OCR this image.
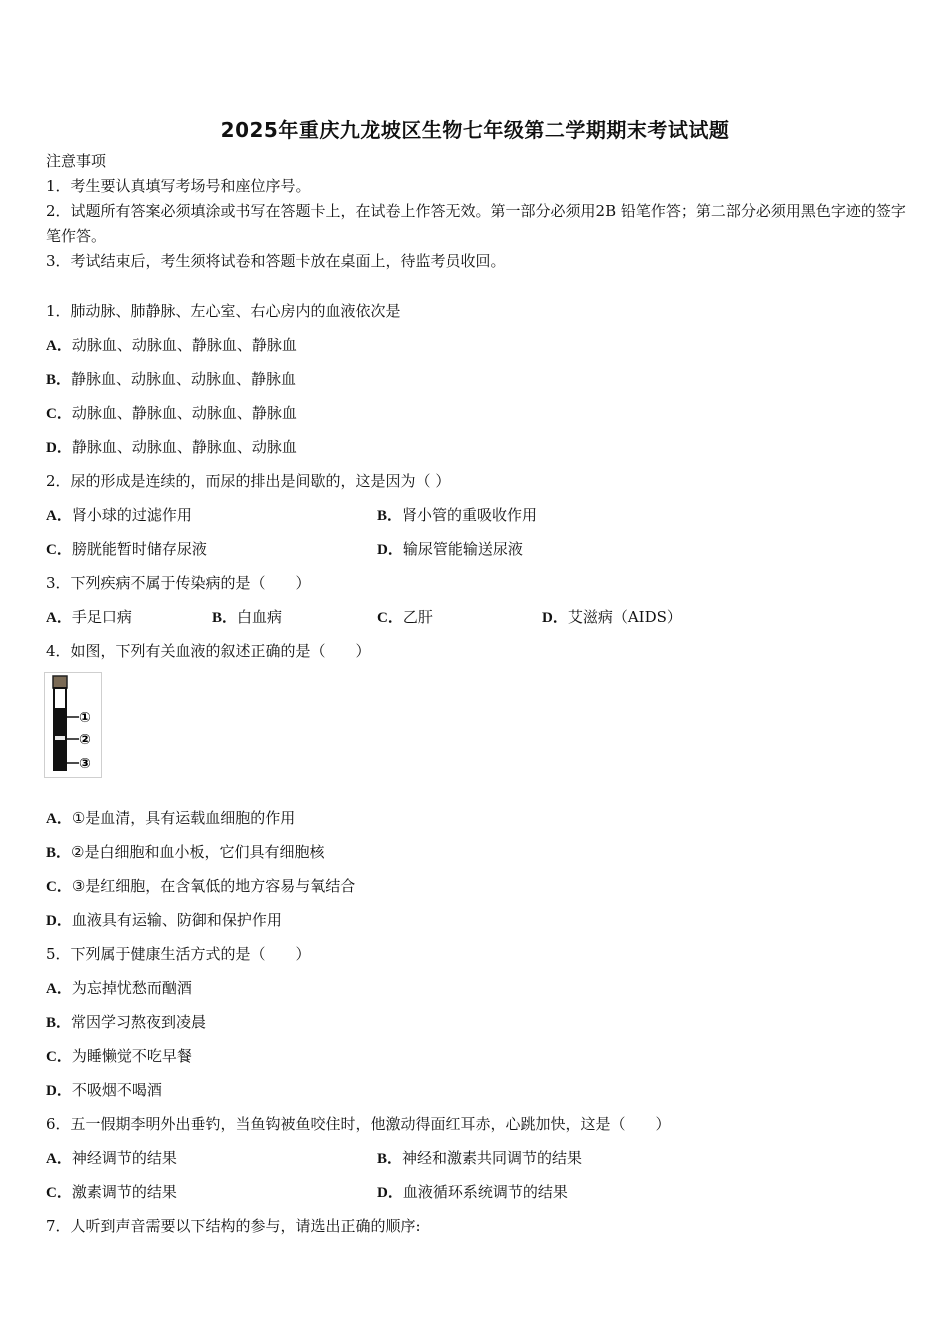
2025年重庆九龙坡区生物七年级第二学期期末考试试题
注意事项
1．考生要认真填写考场号和座位序号。
2．试题所有答案必须填涂或书写在答题卡上，在试卷上作答无效。第一部分必须用2B 铅笔作答；第二部分必须用黑色字迹的签字笔作答。
3．考试结束后，考生须将试卷和答题卡放在桌面上，待监考员收回。
1．肺动脉、肺静脉、左心室、右心房内的血液依次是
A．动脉血、动脉血、静脉血、静脉血
B．静脉血、动脉血、动脉血、静脉血
C．动脉血、静脉血、动脉血、静脉血
D．静脉血、动脉血、静脉血、动脉血
2．尿的形成是连续的，而尿的排出是间歇的，这是因为（ ）
A．肾小球的过滤作用	B．肾小管的重吸收作用
C．膀胱能暂时储存尿液	D．输尿管能输送尿液
3．下列疾病不属于传染病的是（　　）
A．手足口病	B．白血病	C．乙肝	D．艾滋病（AIDS）
4．如图，下列有关血液的叙述正确的是（　　）
①
②
③
A．①是血清，具有运载血细胞的作用
B．②是白细胞和血小板，它们具有细胞核
C．③是红细胞，在含氧低的地方容易与氧结合
D．血液具有运输、防御和保护作用
5．下列属于健康生活方式的是（　　）
A．为忘掉忧愁而酗酒
B．常因学习熬夜到凌晨
C．为睡懒觉不吃早餐
D．不吸烟不喝酒
6．五一假期李明外出垂钓，当鱼钩被鱼咬住时，他激动得面红耳赤，心跳加快，这是（　　）
A．神经调节的结果	B．神经和激素共同调节的结果
C．激素调节的结果	D．血液循环系统调节的结果
7．人听到声音需要以下结构的参与，请选出正确的顺序:
